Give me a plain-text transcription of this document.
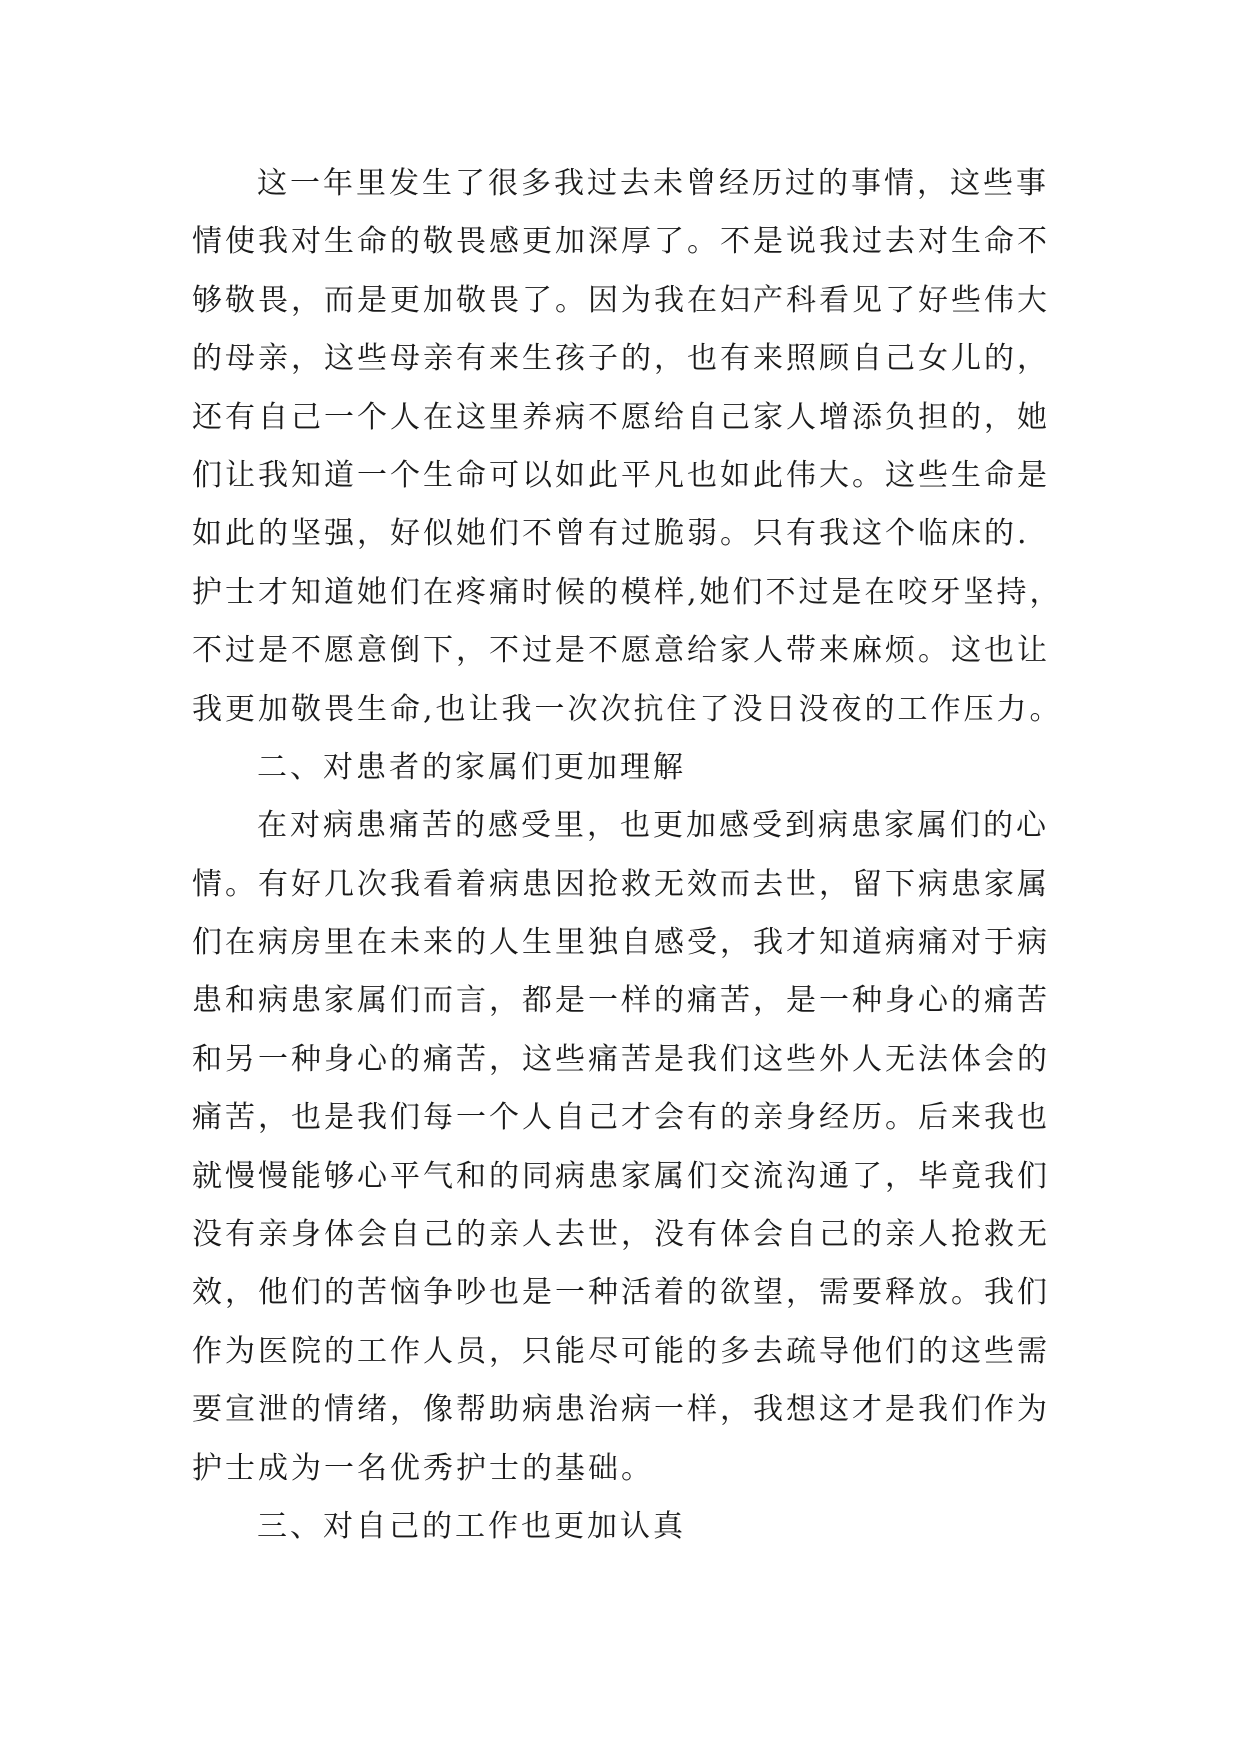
这一年里发生了很多我过去未曾经历过的事情，这些事
情使我对生命的敬畏感更加深厚了。不是说我过去对生命不
够敬畏，而是更加敬畏了。因为我在妇产科看见了好些伟大
的母亲，这些母亲有来生孩子的，也有来照顾自己女儿的，
还有自己一个人在这里养病不愿给自己家人增添负担的，她
们让我知道一个生命可以如此平凡也如此伟大。这些生命是
如此的坚强，好似她们不曾有过脆弱。只有我这个临床的.
护士才知道她们在疼痛时候的模样,她们不过是在咬牙坚持，
不过是不愿意倒下，不过是不愿意给家人带来麻烦。这也让
我更加敬畏生命,也让我一次次抗住了没日没夜的工作压力。
二、对患者的家属们更加理解
在对病患痛苦的感受里，也更加感受到病患家属们的心
情。有好几次我看着病患因抢救无效而去世，留下病患家属
们在病房里在未来的人生里独自感受，我才知道病痛对于病
患和病患家属们而言，都是一样的痛苦，是一种身心的痛苦
和另一种身心的痛苦，这些痛苦是我们这些外人无法体会的
痛苦，也是我们每一个人自己才会有的亲身经历。后来我也
就慢慢能够心平气和的同病患家属们交流沟通了，毕竟我们
没有亲身体会自己的亲人去世，没有体会自己的亲人抢救无
效，他们的苦恼争吵也是一种活着的欲望，需要释放。我们
作为医院的工作人员，只能尽可能的多去疏导他们的这些需
要宣泄的情绪，像帮助病患治病一样，我想这才是我们作为
护士成为一名优秀护士的基础。
三、对自己的工作也更加认真
